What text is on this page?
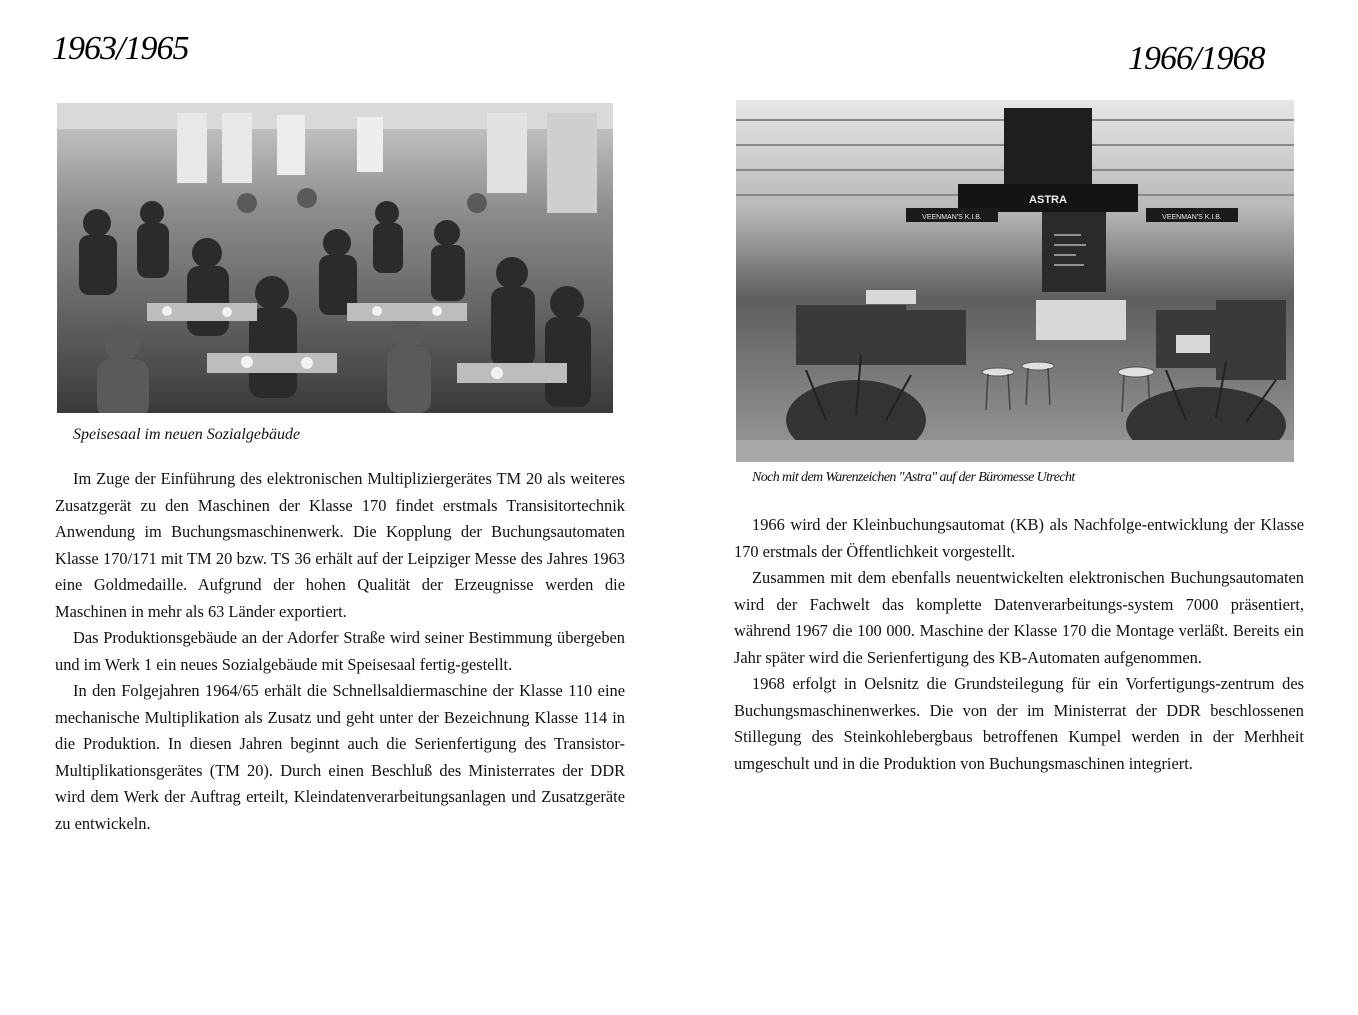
1963/1965	1966/1968
Speisesaal im neuen Sozialgebäude

Im Zuge der Einführung des elektronischen Multipliziergerätes TM 20 als weiteres Zusatzgerät zu den Maschinen der Klasse 170 findet erstmals Transisitortechnik Anwendung im Buchungsmaschinenwerk. Die Kopplung der Buchungsautomaten Klasse 170/171 mit TM 20 bzw. TS 36 erhält auf der Leipziger Messe des Jahres 1963 eine Goldmedaille. Aufgrund der hohen Qualität der Erzeugnisse werden die Maschinen in mehr als 63 Länder exportiert.

Das Produktionsgebäude an der Adorfer Straße wird seiner Bestimmung übergeben und im Werk 1 ein neues Sozialgebäude mit Speisesaal fertig-gestellt.

In den Folgejahren 1964/65 erhält die Schnellsaldiermaschine der Klasse 110 eine mechanische Multiplikation als Zusatz und geht unter der Bezeichnung Klasse 114 in die Produktion. In diesen Jahren beginnt auch die Serienfertigung des Transistor-Multiplikationsgerätes (TM 20). Durch einen Beschluß des Ministerrates der DDR wird dem Werk der Auftrag erteilt, Kleindatenverarbeitungsanlagen und Zusatzgeräte zu entwickeln.

ASTRA
VEENMAN'S K.I.B.	VEENMAN'S K.I.B.
Noch mit dem Warenzeichen "Astra" auf der Büromesse Utrecht

1966 wird der Kleinbuchungsautomat (KB) als Nachfolge-entwicklung der Klasse 170 erstmals der Öffentlichkeit vorgestellt.

Zusammen mit dem ebenfalls neuentwickelten elektronischen Buchungsautomaten wird der Fachwelt das komplette Datenverarbeitungs-system 7000 präsentiert, während 1967 die 100 000. Maschine der Klasse 170 die Montage verläßt. Bereits ein Jahr später wird die Serienfertigung des KB-Automaten aufgenommen.

1968 erfolgt in Oelsnitz die Grundsteilegung für ein Vorfertigungs-zentrum des Buchungsmaschinenwerkes. Die von der im Ministerrat der DDR beschlossenen Stillegung des Steinkohlebergbaus betroffenen Kumpel werden in der Merhheit umgeschult und in die Produktion von Buchungsmaschinen integriert.
